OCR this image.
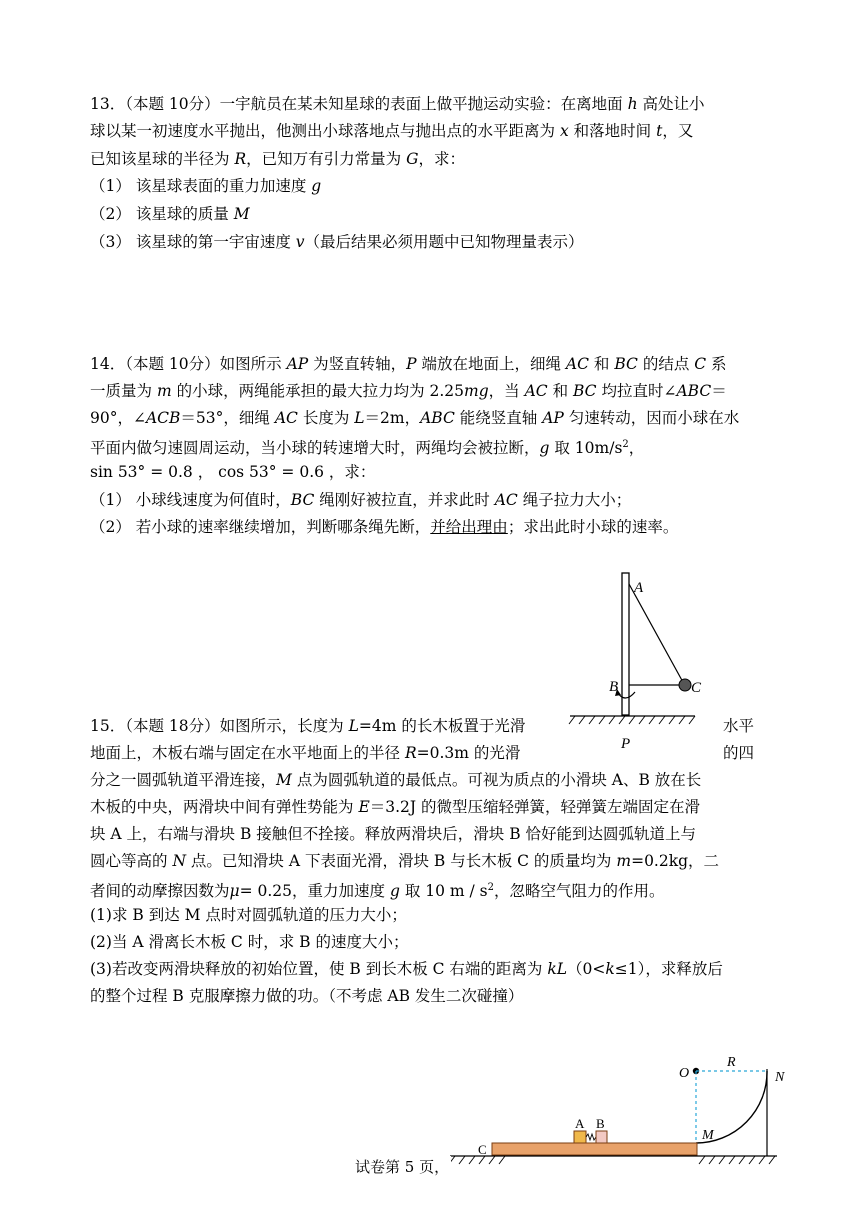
13．（本题 10分）一宇航员在某未知星球的表面上做平抛运动实验：在离地面 h 高处让小
球以某一初速度水平抛出，他测出小球落地点与抛出点的水平距离为 x 和落地时间 t，又
已知该星球的半径为 R，已知万有引力常量为 G，求：
（1） 该星球表面的重力加速度 g
（2） 该星球的质量 M
（3） 该星球的第一宇宙速度 v（最后结果必须用题中已知物理量表示）
14．（本题 10分）如图所示 AP 为竖直转轴，P 端放在地面上，细绳 AC 和 BC 的结点 C 系
一质量为 m 的小球，两绳能承担的最大拉力均为 2.25mg，当 AC 和 BC 均拉直时∠ABC＝
90°，∠ACB＝53°，细绳 AC 长度为 L＝2m，ABC 能绕竖直轴 AP 匀速转动，因而小球在水
平面内做匀速圆周运动，当小球的转速增大时，两绳均会被拉断，g 取 $10m/s^2$，
sin 53° = 0.8 ， cos 53° = 0.6 ，求：
（1） 小球线速度为何值时，BC 绳刚好被拉直，并求此时 AC 绳子拉力大小；
（2） 若小球的速率继续增加，判断哪条绳先断，并给出理由；求出此时小球的速率。
A
B	C
P
15．（本题 18分）如图所示，长度为 L=4m 的长木板置于光滑	水平
地面上，木板右端与固定在水平地面上的半径 R=0.3m 的光滑	的四
分之一圆弧轨道平滑连接，M 点为圆弧轨道的最低点。可视为质点的小滑块 A、B 放在长
木板的中央，两滑块中间有弹性势能为 E＝3.2J 的微型压缩轻弹簧，轻弹簧左端固定在滑
块 A 上，右端与滑块 B 接触但不拴接。释放两滑块后，滑块 B 恰好能到达圆弧轨道上与
圆心等高的 N 点。已知滑块 A 下表面光滑，滑块 B 与长木板 C 的质量均为 m=0.2kg，二
者间的动摩擦因数为μ= 0.25，重力加速度 g 取 10 m / $s^2$，忽略空气阻力的作用。
(1)求 B 到达 M 点时对圆弧轨道的压力大小；
(2)当 A 滑离长木板 C 时，求 B 的速度大小；
(3)若改变两滑块释放的初始位置，使 B 到长木板 C 右端的距离为 kL（0<k≤1），求释放后
的整个过程 B 克服摩擦力做的功。（不考虑 AB 发生二次碰撞）
O
R
N
M
A B
C
试卷第 5 页，
